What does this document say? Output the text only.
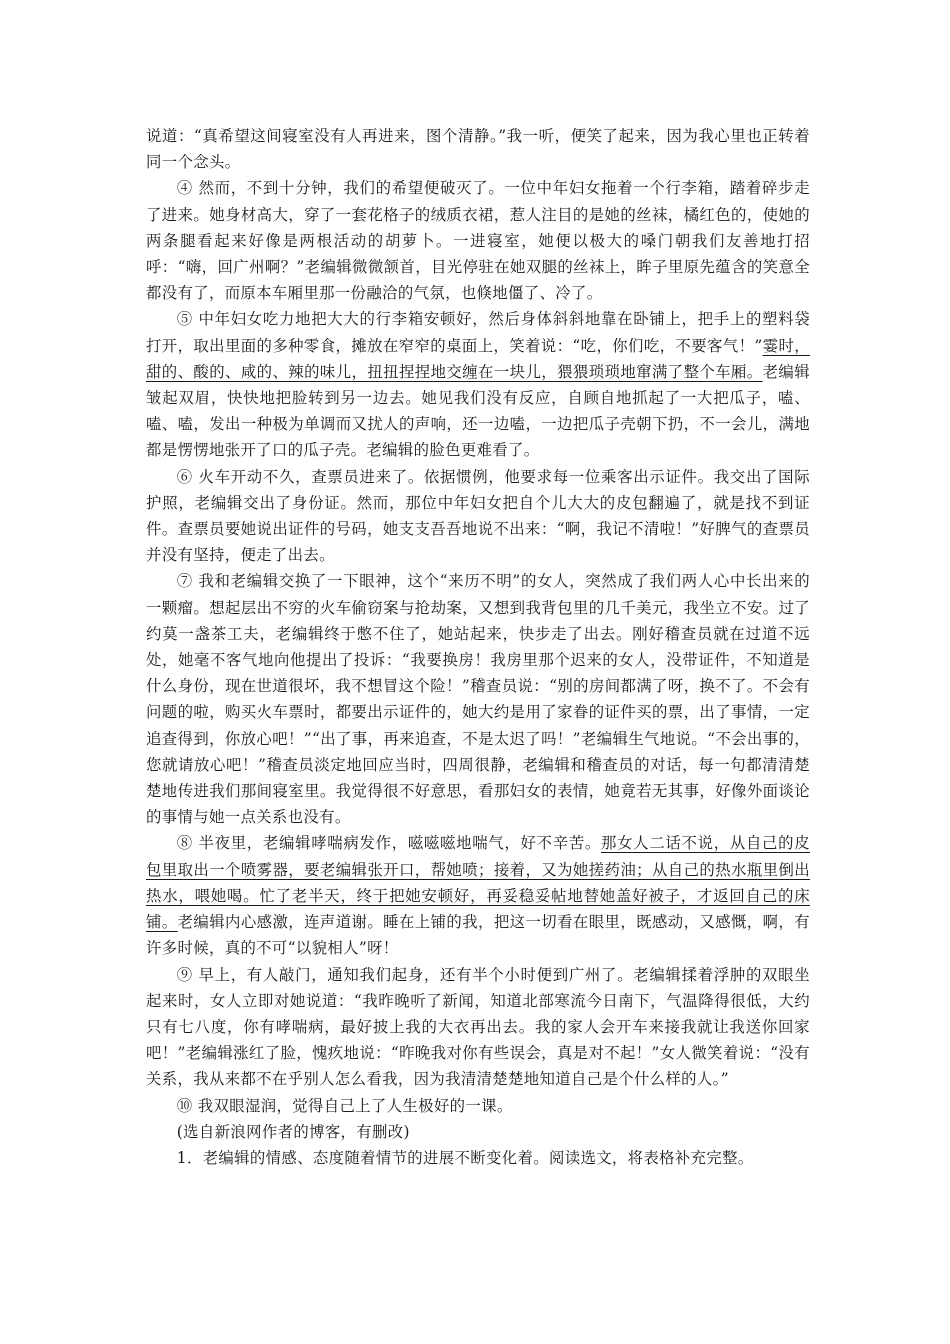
说道：“真希望这间寝室没有人再进来，图个清静。”我一听，便笑了起来，因为我心里也正转着同一个念头。

④ 然而，不到十分钟，我们的希望便破灭了。一位中年妇女拖着一个行李箱，踏着碎步走了进来。她身材高大，穿了一套花格子的绒质衣裙，惹人注目的是她的丝袜，橘红色的，使她的两条腿看起来好像是两根活动的胡萝卜。一进寝室，她便以极大的嗓门朝我们友善地打招呼：“嗨，回广州啊？”老编辑微微颔首，目光停驻在她双腿的丝袜上，眸子里原先蕴含的笑意全都没有了，而原本车厢里那一份融洽的气氛，也倏地僵了、冷了。

⑤ 中年妇女吃力地把大大的行李箱安顿好，然后身体斜斜地靠在卧铺上，把手上的塑料袋打开，取出里面的多种零食，摊放在窄窄的桌面上，笑着说：“吃，你们吃，不要客气！”霎时，甜的、酸的、咸的、辣的味儿，扭扭捏捏地交缠在一块儿，猥猥琐琐地窜满了整个车厢。老编辑皱起双眉，快快地把脸转到另一边去。她见我们没有反应，自顾自地抓起了一大把瓜子，嗑、嗑、嗑，发出一种极为单调而又扰人的声响，还一边嗑，一边把瓜子壳朝下扔，不一会儿，满地都是愣愣地张开了口的瓜子壳。老编辑的脸色更难看了。

⑥ 火车开动不久，查票员进来了。依据惯例，他要求每一位乘客出示证件。我交出了国际护照，老编辑交出了身份证。然而，那位中年妇女把自个儿大大的皮包翻遍了，就是找不到证件。查票员要她说出证件的号码，她支支吾吾地说不出来：“啊，我记不清啦！”好脾气的查票员并没有坚持，便走了出去。

⑦ 我和老编辑交换了一下眼神，这个“来历不明”的女人，突然成了我们两人心中长出来的一颗瘤。想起层出不穷的火车偷窃案与抢劫案，又想到我背包里的几千美元，我坐立不安。过了约莫一盏茶工夫，老编辑终于憋不住了，她站起来，快步走了出去。刚好稽查员就在过道不远处，她毫不客气地向他提出了投诉：“我要换房！我房里那个迟来的女人，没带证件，不知道是什么身份，现在世道很坏，我不想冒这个险！”稽查员说：“别的房间都满了呀，换不了。不会有问题的啦，购买火车票时，都要出示证件的，她大约是用了家眷的证件买的票，出了事情，一定追查得到，你放心吧！”“出了事，再来追查，不是太迟了吗！”老编辑生气地说。“不会出事的，您就请放心吧！”稽查员淡定地回应当时，四周很静，老编辑和稽查员的对话，每一句都清清楚楚地传进我们那间寝室里。我觉得很不好意思，看那妇女的表情，她竟若无其事，好像外面谈论的事情与她一点关系也没有。

⑧ 半夜里，老编辑哮喘病发作，嗞嗞嗞地喘气，好不辛苦。那女人二话不说，从自己的皮包里取出一个喷雾器，要老编辑张开口，帮她喷；接着，又为她搓药油；从自己的热水瓶里倒出热水，喂她喝。忙了老半天，终于把她安顿好，再妥稳妥帖地替她盖好被子，才返回自己的床铺。老编辑内心感激，连声道谢。睡在上铺的我，把这一切看在眼里，既感动，又感慨，啊，有许多时候，真的不可“以貌相人”呀！

⑨ 早上，有人敲门，通知我们起身，还有半个小时便到广州了。老编辑揉着浮肿的双眼坐起来时，女人立即对她说道：“我昨晚听了新闻，知道北部寒流今日南下，气温降得很低，大约只有七八度，你有哮喘病，最好披上我的大衣再出去。我的家人会开车来接我就让我送你回家吧！”老编辑涨红了脸，愧疚地说：“昨晚我对你有些误会，真是对不起！”女人微笑着说：“没有关系，我从来都不在乎别人怎么看我，因为我清清楚楚地知道自己是个什么样的人。”

⑩ 我双眼湿润，觉得自己上了人生极好的一课。

(选自新浪网作者的博客，有删改)

1．老编辑的情感、态度随着情节的进展不断变化着。阅读选文，将表格补充完整。
